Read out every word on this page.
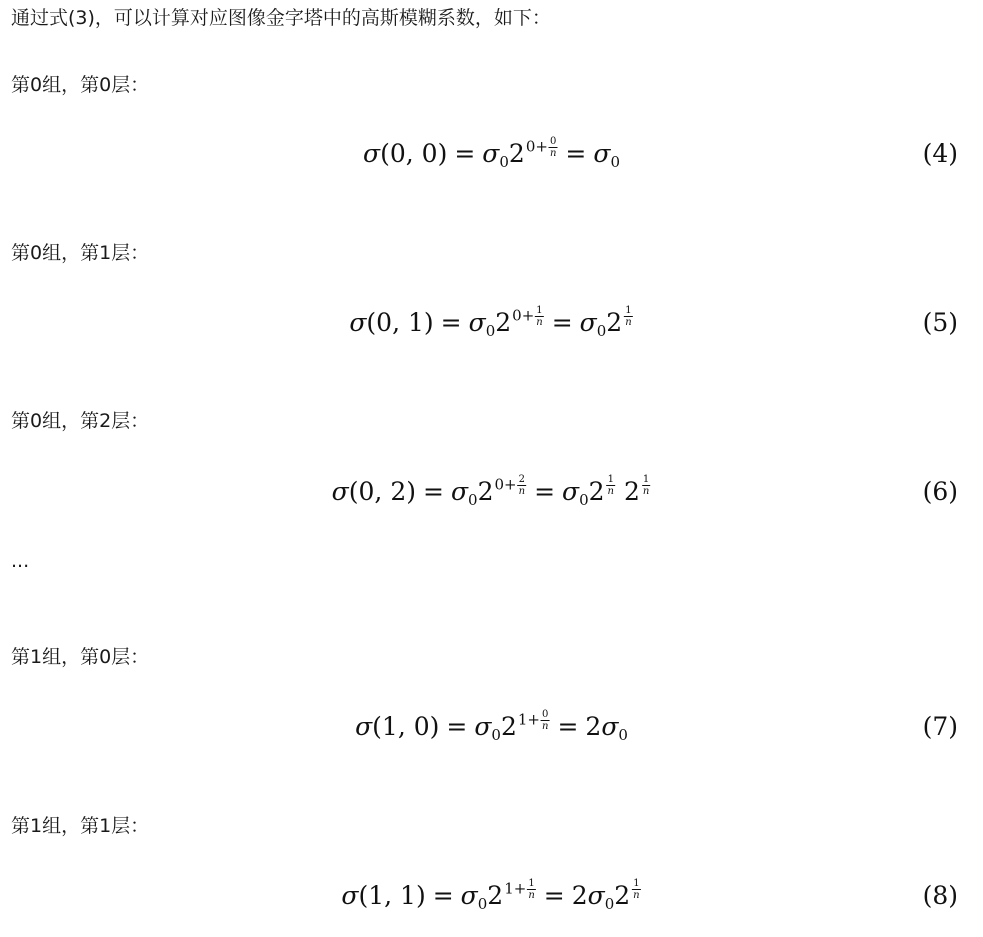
通过式(3)，可以计算对应图像金字塔中的高斯模糊系数，如下：

第0组，第0层：

σ(0, $0) = \sigma_020+ \frac{0}{n} = \sigma_0$	(4)

第0组，第1层：

σ(0, $1) = \sigma_020+ \frac{1}{n} = \sigma_02 \frac{1}{n}$	(5)

第0组，第2层：

σ(0, $2) = \sigma_020+ \frac{2}{n} = \sigma_02 \frac{1}{n} 2 \frac{1}{n}$	(6)

...

第1组，第0层：

σ(1, $0) = \sigma_021+ \frac{0}{n} = 2\sigma_0$	(7)

第1组，第1层：

σ(1, $1) = \sigma_021+ \frac{1}{n} = 2\sigma_02 \frac{1}{n}$	(8)
